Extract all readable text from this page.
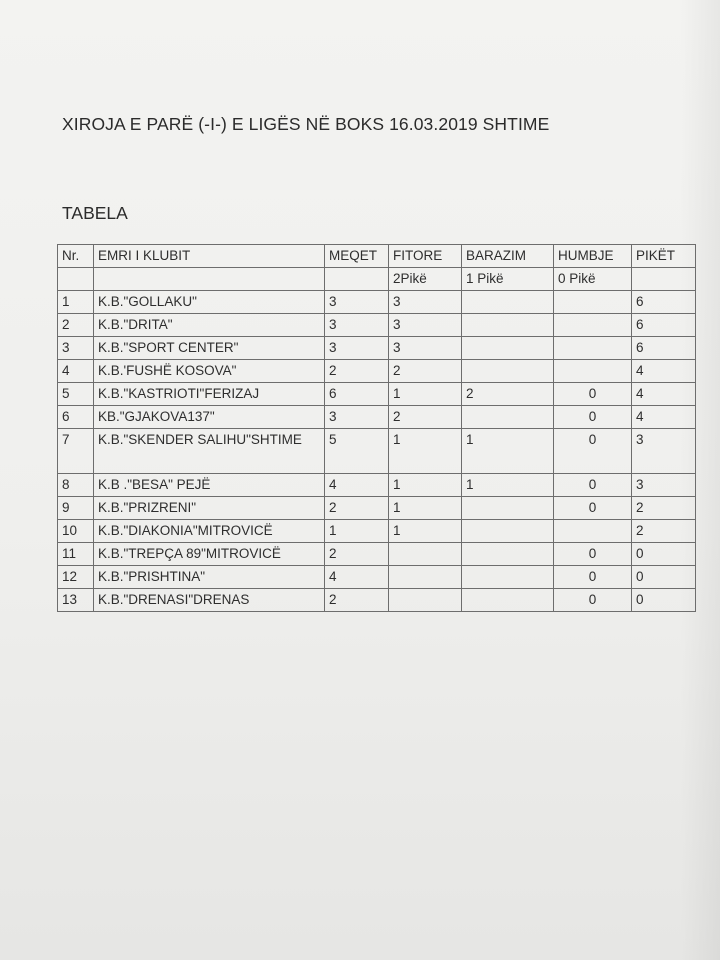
XIROJA E PARË (-I-) E LIGËS NË BOKS 16.03.2019 SHTIME
TABELA
Nr.	EMRI I KLUBIT	MEQET	FITORE	BARAZIM	HUMBJE	PIKËT
			2Pikë	1 Pikë	0 Pikë	
1	K.B."GOLLAKU"	3	3			6
2	K.B."DRITA"	3	3			6
3	K.B."SPORT CENTER"	3	3			6
4	K.B.'FUSHË KOSOVA"	2	2			4
5	K.B."KASTRIOTI"FERIZAJ	6	1	2	0	4
6	KB."GJAKOVA137"	3	2		0	4
7	K.B."SKENDER SALIHU"SHTIME	5	1	1	0	3
8	K.B ."BESA" PEJË	4	1	1	0	3
9	K.B."PRIZRENI"	2	1		0	2
10	K.B."DIAKONIA"MITROVICË	1	1			2
11	K.B."TREPÇA 89"MITROVICË	2			0	0
12	K.B."PRISHTINA"	4			0	0
13	K.B."DRENASI"DRENAS	2			0	0
